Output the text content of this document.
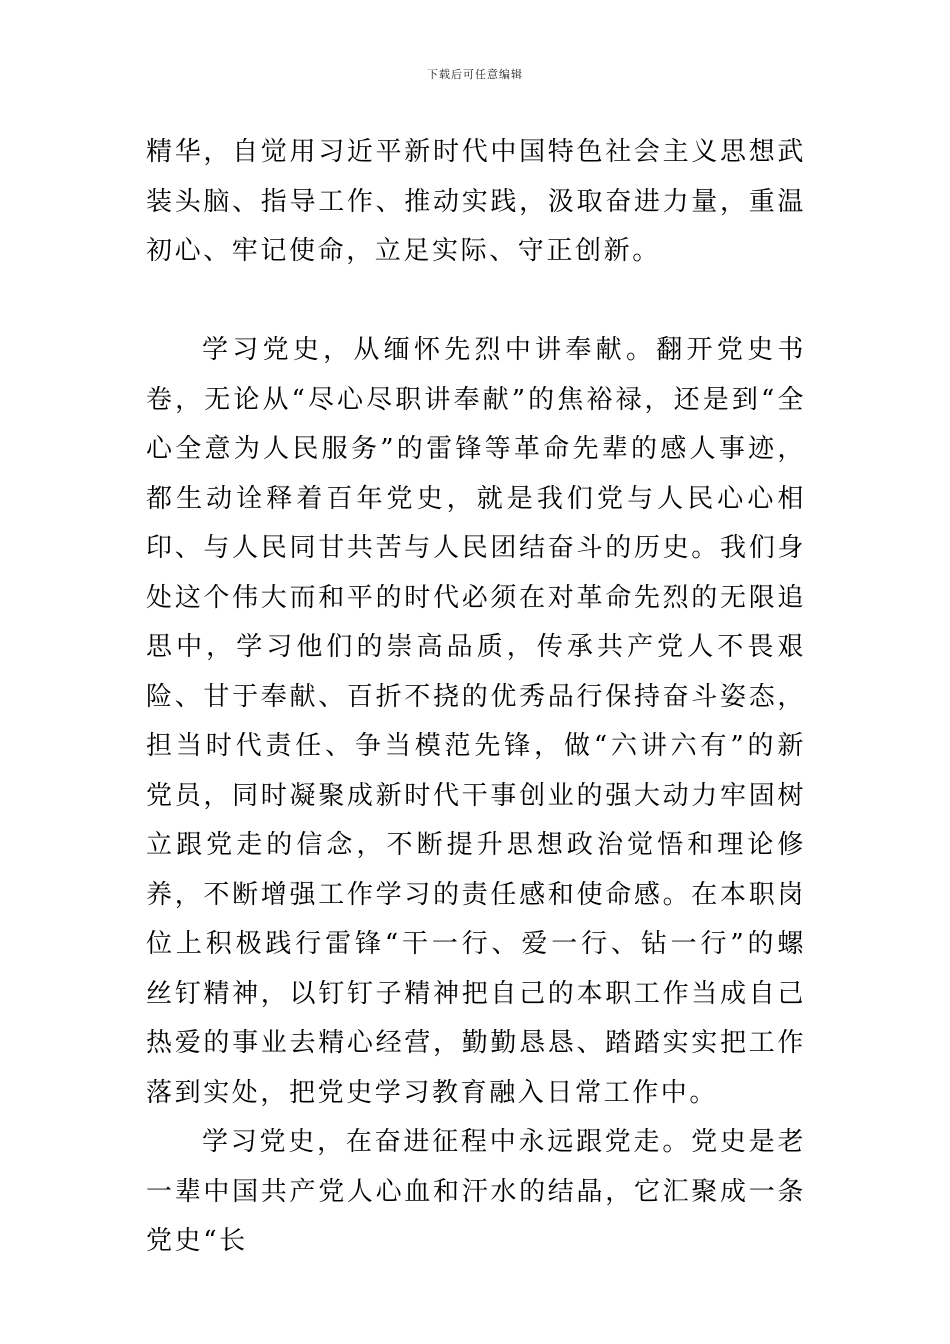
下载后可任意编辑

精华，自觉用习近平新时代中国特色社会主义思想武装头脑、指导工作、推动实践，汲取奋进力量，重温初心、牢记使命，立足实际、守正创新。

学习党史，从缅怀先烈中讲奉献。翻开党史书卷，无论从“尽心尽职讲奉献”的焦裕禄，还是到“全心全意为人民服务”的雷锋等革命先辈的感人事迹，都生动诠释着百年党史，就是我们党与人民心心相印、与人民同甘共苦与人民团结奋斗的历史。我们身处这个伟大而和平的时代必须在对革命先烈的无限追思中，学习他们的崇高品质，传承共产党人不畏艰险、甘于奉献、百折不挠的优秀品行保持奋斗姿态，担当时代责任、争当模范先锋，做“六讲六有”的新党员，同时凝聚成新时代干事创业的强大动力牢固树立跟党走的信念，不断提升思想政治觉悟和理论修养，不断增强工作学习的责任感和使命感。在本职岗位上积极践行雷锋“干一行、爱一行、钻一行”的螺丝钉精神，以钉钉子精神把自己的本职工作当成自己热爱的事业去精心经营，勤勤恳恳、踏踏实实把工作落到实处，把党史学习教育融入日常工作中。

学习党史，在奋进征程中永远跟党走。党史是老一辈中国共产党人心血和汗水的结晶，它汇聚成一条党史“长
